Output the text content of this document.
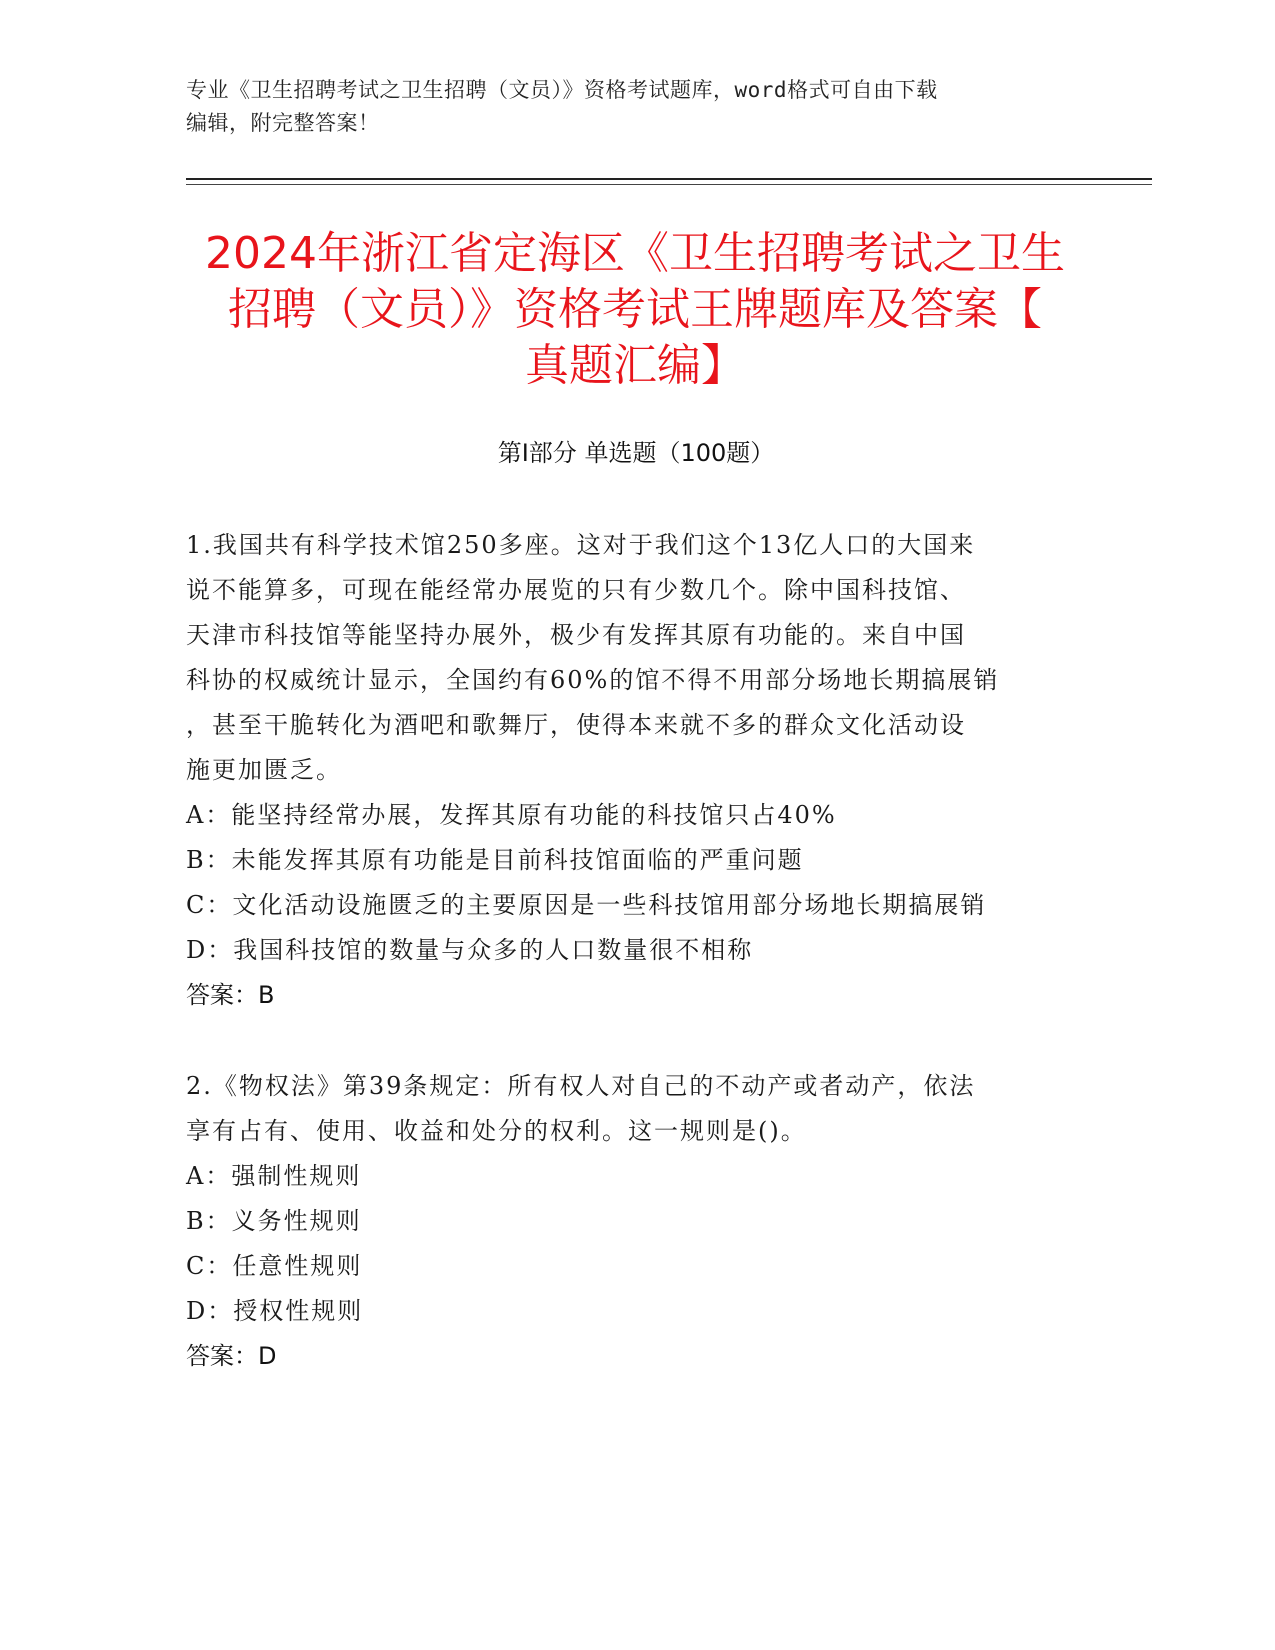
专业《卫生招聘考试之卫生招聘（文员）》资格考试题库，word格式可自由下载
编辑，附完整答案！
2024年浙江省定海区《卫生招聘考试之卫生
招聘（文员）》资格考试王牌题库及答案【
真题汇编】
第Ⅰ部分 单选题（100题）
1.我国共有科学技术馆250多座。这对于我们这个13亿人口的大国来
说不能算多，可现在能经常办展览的只有少数几个。除中国科技馆、
天津市科技馆等能坚持办展外，极少有发挥其原有功能的。来自中国
科协的权威统计显示，全国约有60%的馆不得不用部分场地长期搞展销
，甚至干脆转化为酒吧和歌舞厅，使得本来就不多的群众文化活动设
施更加匮乏。
A：能坚持经常办展，发挥其原有功能的科技馆只占40%
B：未能发挥其原有功能是目前科技馆面临的严重问题
C：文化活动设施匮乏的主要原因是一些科技馆用部分场地长期搞展销
D：我国科技馆的数量与众多的人口数量很不相称
答案：B
2.《物权法》第39条规定：所有权人对自己的不动产或者动产，依法
享有占有、使用、收益和处分的权利。这一规则是()。
A：强制性规则
B：义务性规则
C：任意性规则
D：授权性规则
答案：D
